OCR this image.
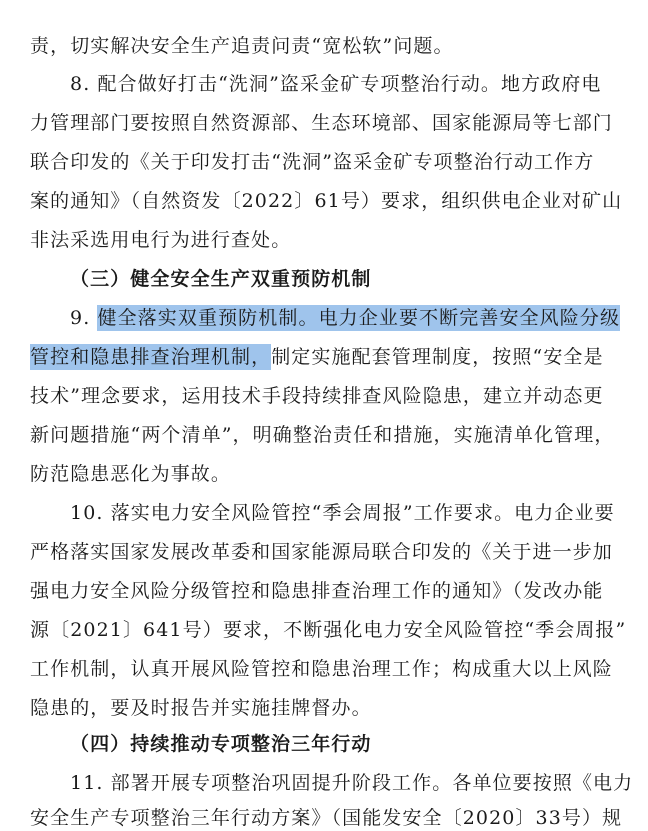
责，切实解决安全生产追责问责“宽松软”问题。
8. 配合做好打击“洗洞”盗采金矿专项整治行动。地方政府电
力管理部门要按照自然资源部、生态环境部、国家能源局等七部门
联合印发的《关于印发打击“洗洞”盗采金矿专项整治行动工作方
案的通知》（自然资发〔2022〕61号）要求，组织供电企业对矿山
非法采选用电行为进行查处。
（三）健全安全生产双重预防机制
9. 健全落实双重预防机制。电力企业要不断完善安全风险分级
管控和隐患排查治理机制，制定实施配套管理制度，按照“安全是
技术”理念要求，运用技术手段持续排查风险隐患，建立并动态更
新问题措施“两个清单”，明确整治责任和措施，实施清单化管理，
防范隐患恶化为事故。
10. 落实电力安全风险管控“季会周报”工作要求。电力企业要
严格落实国家发展改革委和国家能源局联合印发的《关于进一步加
强电力安全风险分级管控和隐患排查治理工作的通知》（发改办能
源〔2021〕641号）要求，不断强化电力安全风险管控“季会周报”
工作机制，认真开展风险管控和隐患治理工作；构成重大以上风险
隐患的，要及时报告并实施挂牌督办。
（四）持续推动专项整治三年行动
11. 部署开展专项整治巩固提升阶段工作。各单位要按照《电力
安全生产专项整治三年行动方案》（国能发安全〔2020〕33号）规
